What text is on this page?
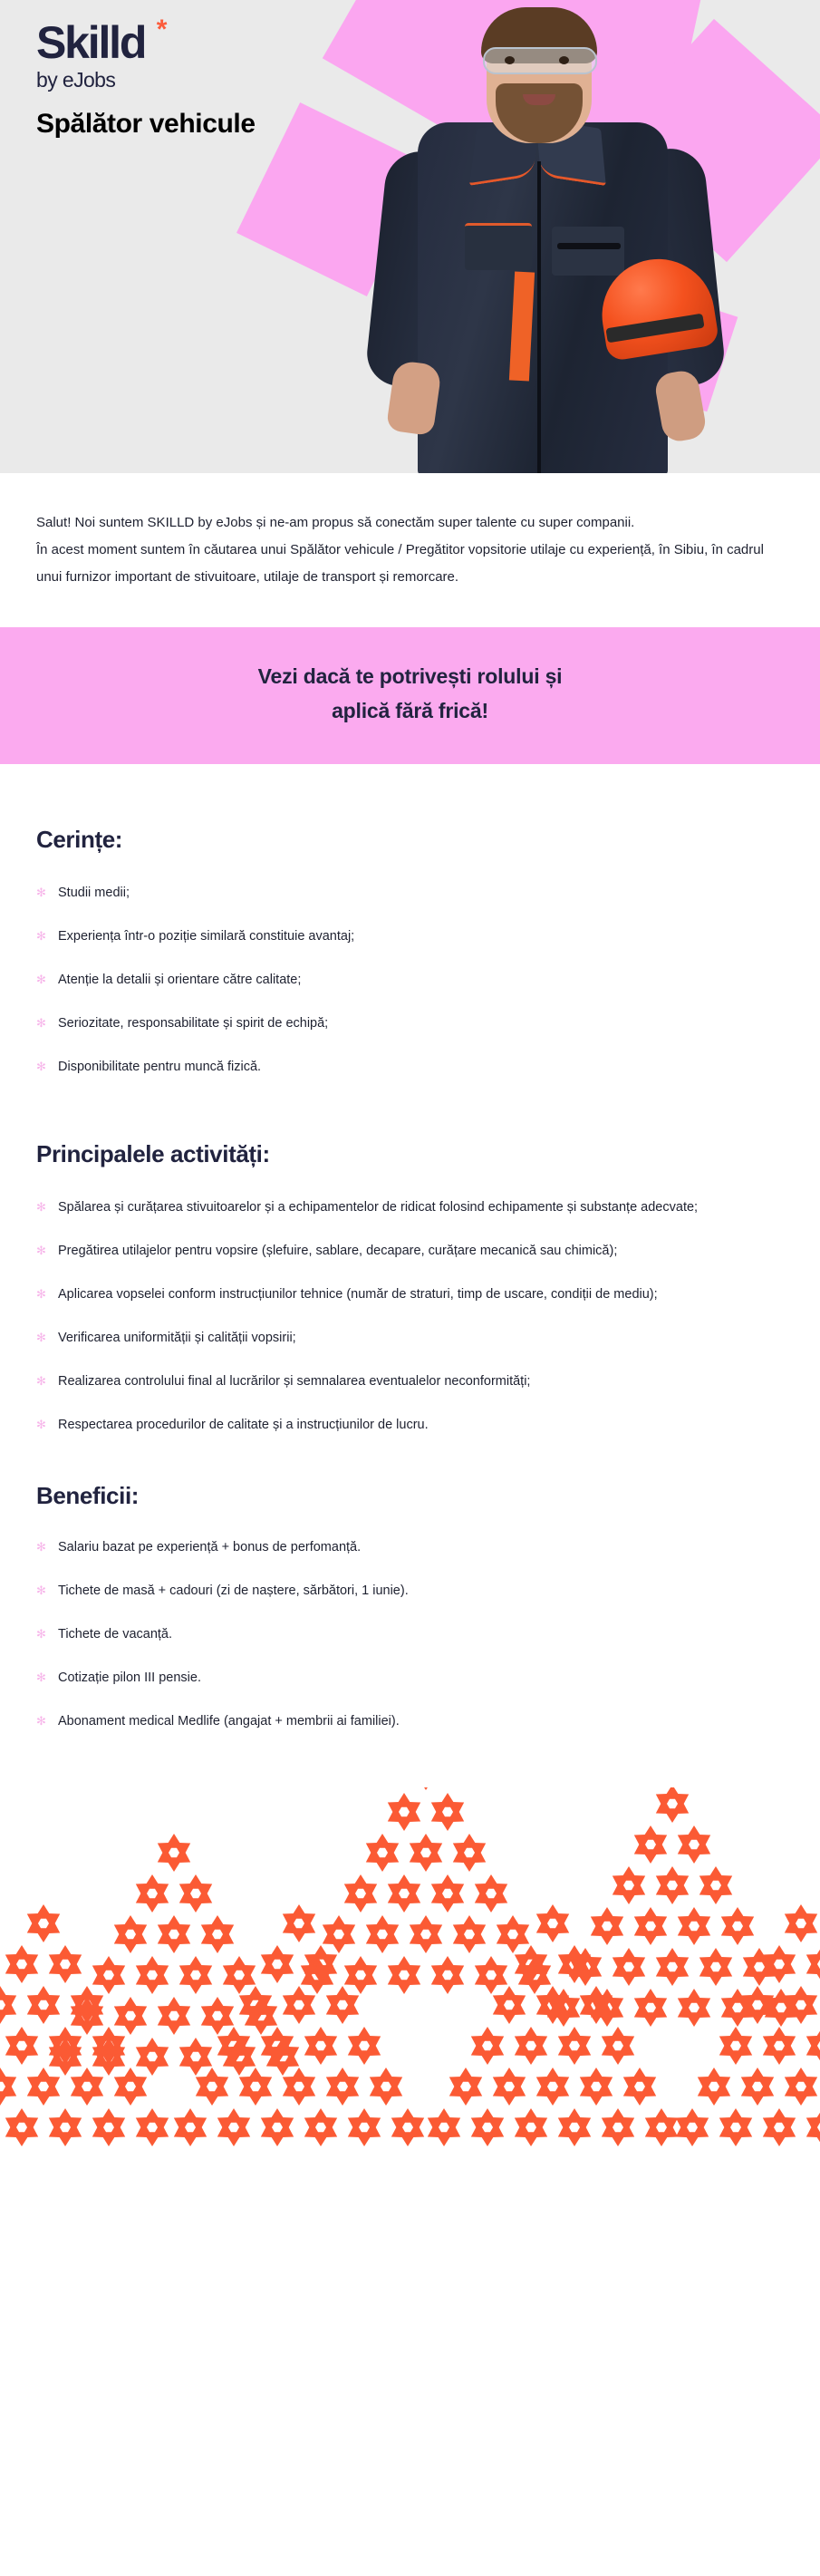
Skilld *
by eJobs
Spălător vehicule
Salut! Noi suntem SKILLD by eJobs și ne-am propus să conectăm super talente cu super companii.
În acest moment suntem în căutarea unui Spălător vehicule / Pregătitor vopsitorie utilaje cu experiență, în Sibiu, în cadrul unui furnizor important de stivuitoare, utilaje de transport și remorcare.
Vezi dacă te potrivești rolului și
aplică fără frică!
Cerințe:
✻ Studii medii;
✻ Experiența într-o poziție similară constituie avantaj;
✻ Atenție la detalii și orientare către calitate;
✻ Seriozitate, responsabilitate și spirit de echipă;
✻ Disponibilitate pentru muncă fizică.
Principalele activități:
✻ Spălarea și curățarea stivuitoarelor și a echipamentelor de ridicat folosind echipamente și substanțe adecvate;
✻ Pregătirea utilajelor pentru vopsire (șlefuire, sablare, decapare, curățare mecanică sau chimică);
✻ Aplicarea vopselei conform instrucțiunilor tehnice (număr de straturi, timp de uscare, condiții de mediu);
✻ Verificarea uniformității și calității vopsirii;
✻ Realizarea controlului final al lucrărilor și semnalarea eventualelor neconformități;
✻ Respectarea procedurilor de calitate și a instrucțiunilor de lucru.
Beneficii:
✻ Salariu bazat pe experiență + bonus de perfomanță.
✻ Tichete de masă + cadouri (zi de naștere, sărbători, 1 iunie).
✻ Tichete de vacanță.
✻ Cotizație pilon III pensie.
✻ Abonament medical Medlife (angajat + membrii ai familiei).
